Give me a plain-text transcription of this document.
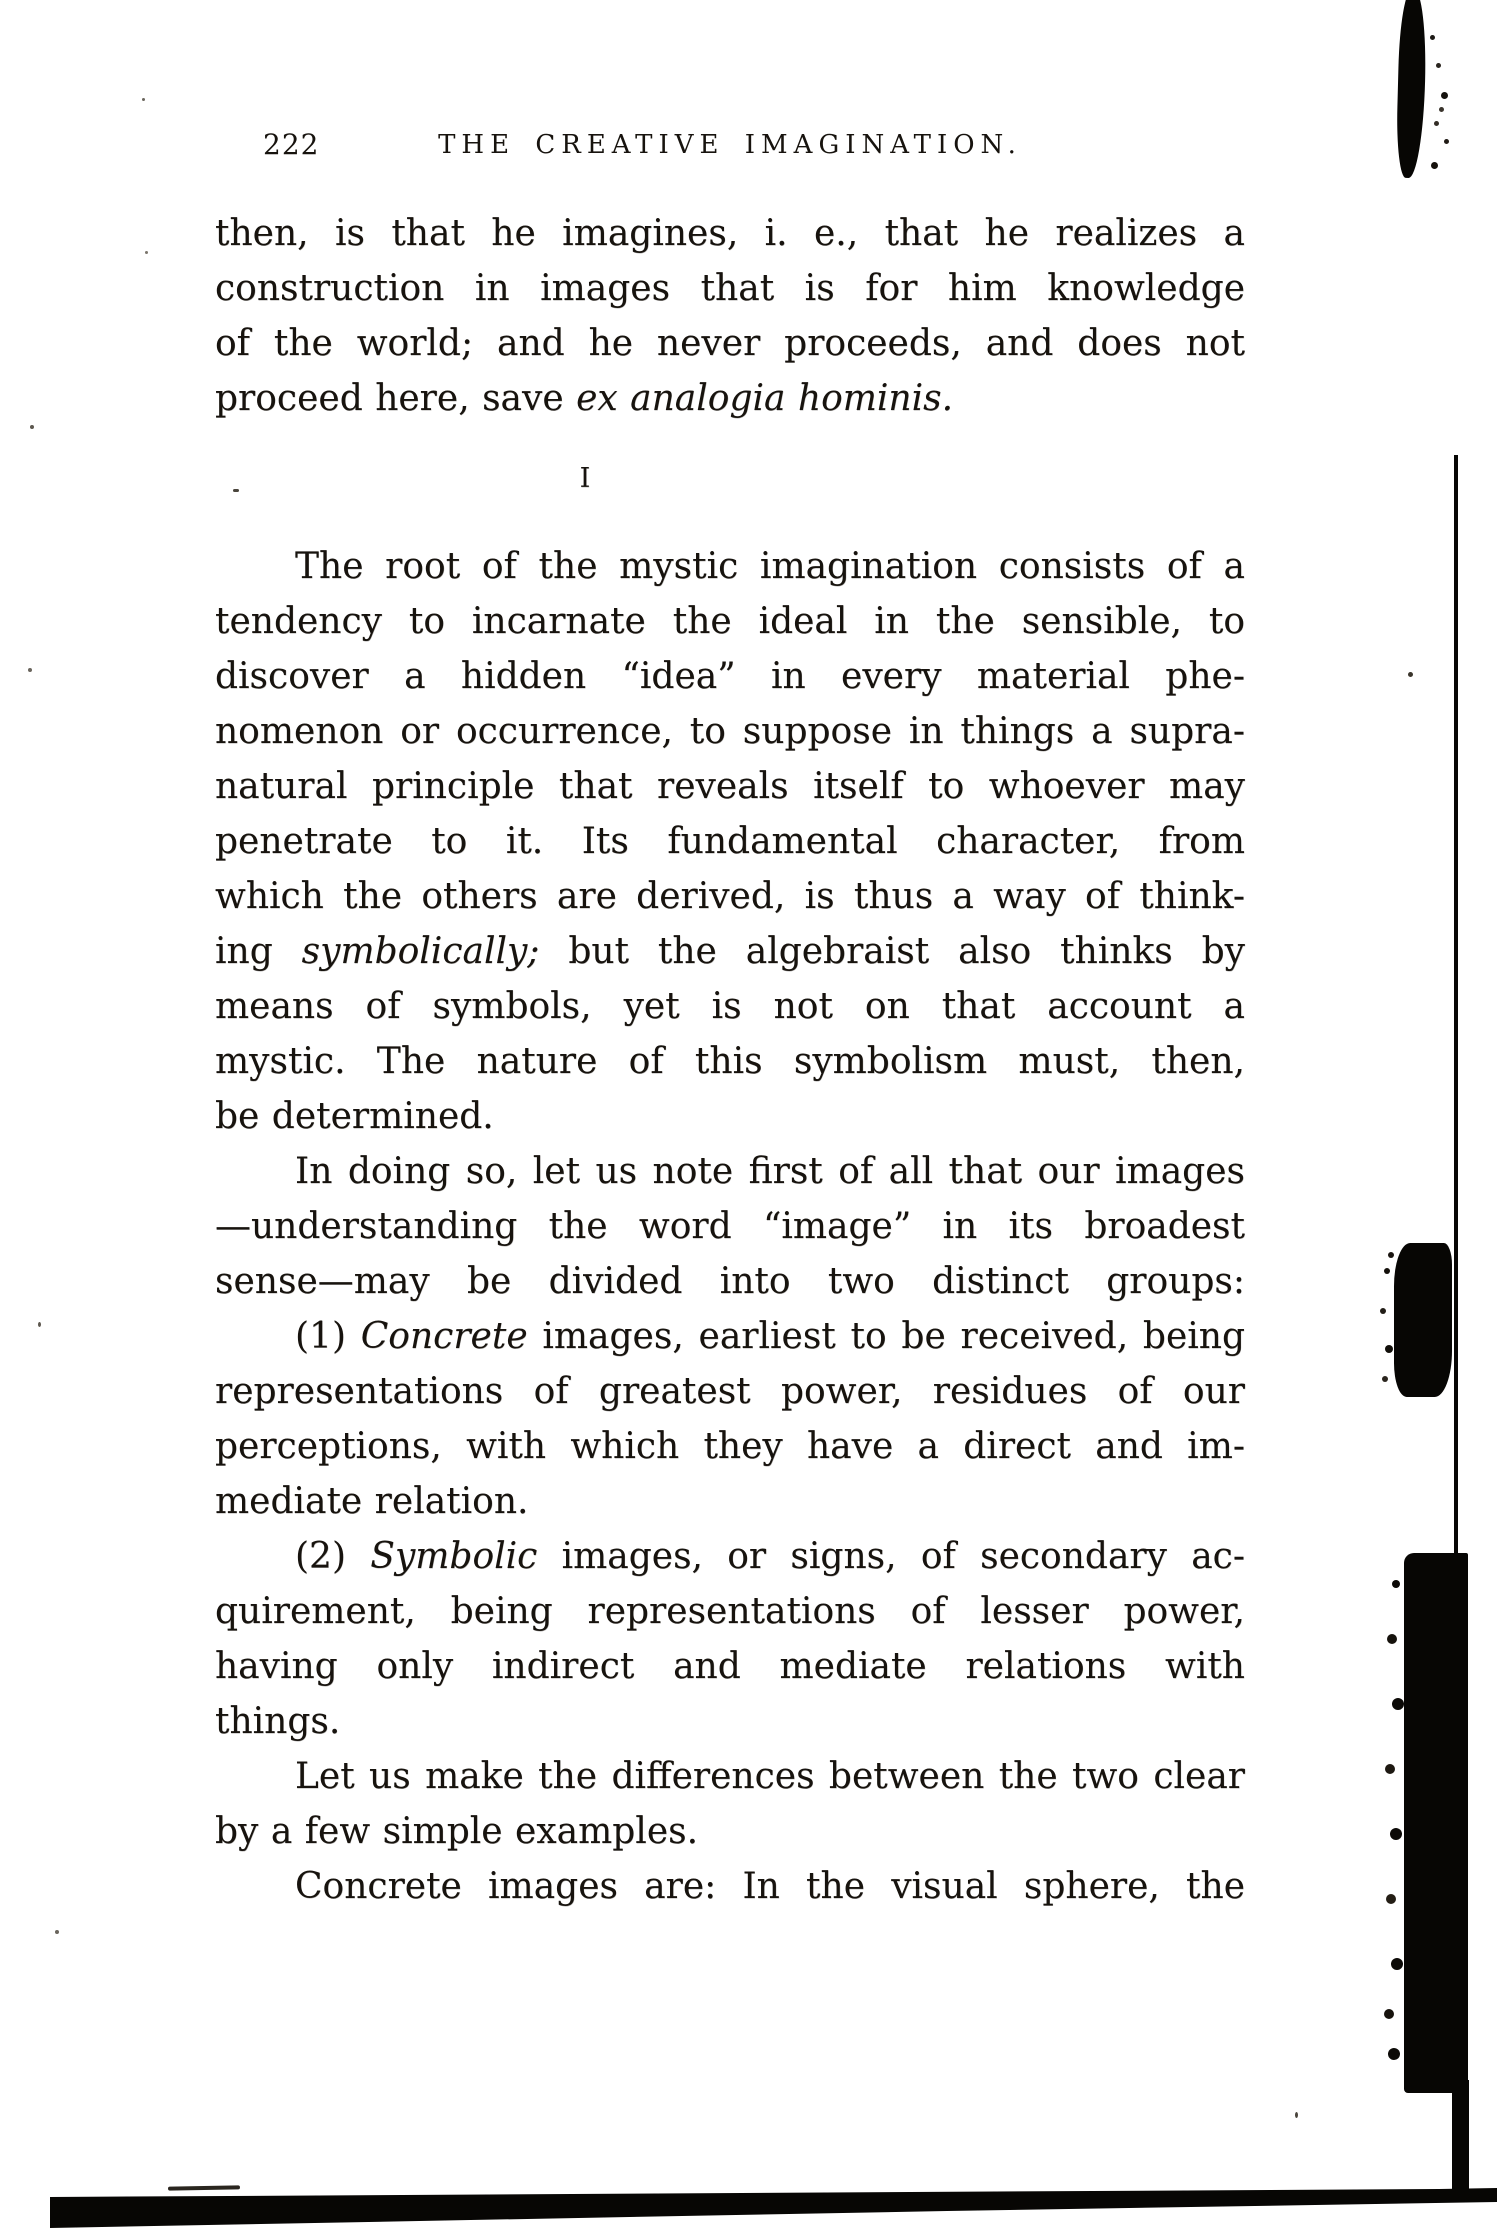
222	THE CREATIVE IMAGINATION.
I
then, is that he imagines, i. e., that he realizes a
construction in images that is for him knowledge
of the world; and he never proceeds, and does not
proceed here, save ex analogia hominis.
The root of the mystic imagination consists of a
tendency to incarnate the ideal in the sensible, to
discover a hidden “idea” in every material phe-
nomenon or occurrence, to suppose in things a supra-
natural principle that reveals itself to whoever may
penetrate to it. Its fundamental character, from
which the others are derived, is thus a way of think-
ing symbolically; but the algebraist also thinks by
means of symbols, yet is not on that account a
mystic. The nature of this symbolism must, then,
be determined.
In doing so, let us note first of all that our images
—understanding the word “image” in its broadest
sense—may be divided into two distinct groups:
(1) Concrete images, earliest to be received, being
representations of greatest power, residues of our
perceptions, with which they have a direct and im-
mediate relation.
(2) Symbolic images, or signs, of secondary ac-
quirement, being representations of lesser power,
having only indirect and mediate relations with
things.
Let us make the differences between the two clear
by a few simple examples.
Concrete images are: In the visual sphere, the
